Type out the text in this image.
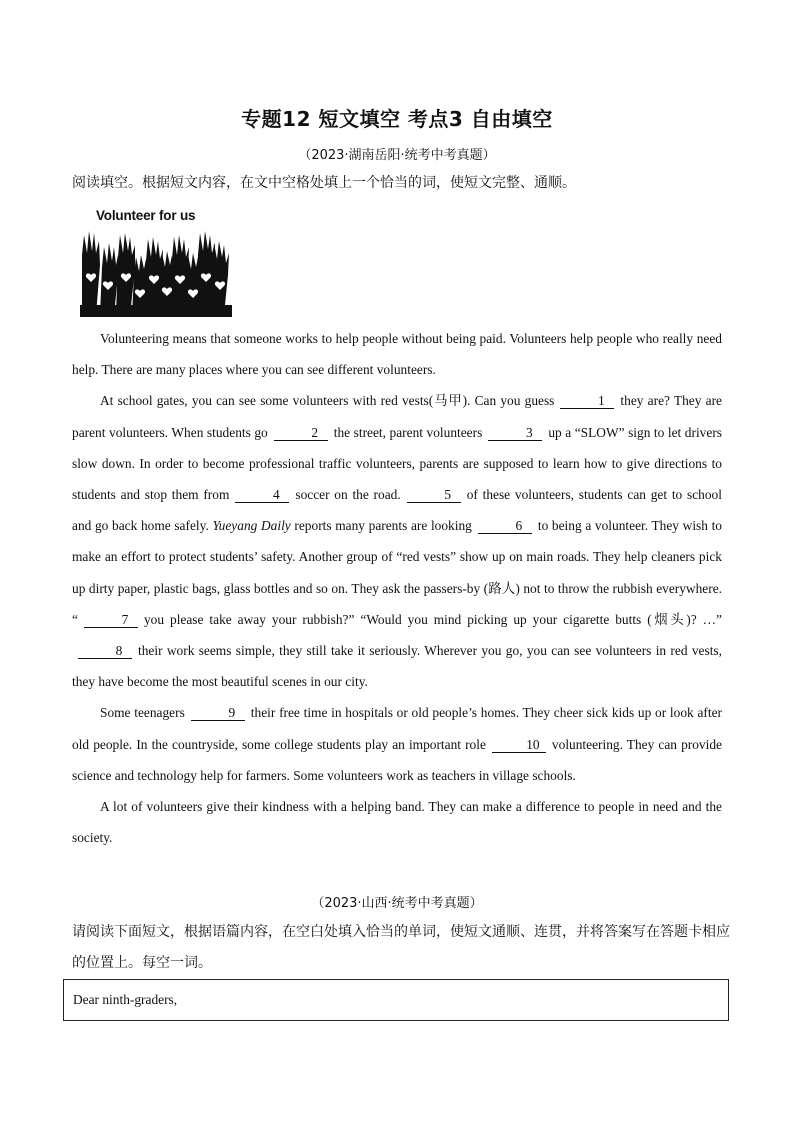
专题12 短文填空 考点3 自由填空
（2023·湖南岳阳·统考中考真题）
阅读填空。根据短文内容，在文中空格处填上一个恰当的词，使短文完整、通顺。
Volunteer for us

Volunteering means that someone works to help people without being paid. Volunteers help people who really need help. There are many places where you can see different volunteers.

At school gates, you can see some volunteers with red vests(马甲). Can you guess	1 they are? They are parent volunteers. When students go	2 the street, parent volunteers	3 up a “SLOW” sign to let drivers slow down. In order to become professional traffic volunteers, parents are supposed to learn how to give directions to students and stop them from	4 soccer on the road.	5 of these volunteers, students can get to school and go back home safely. Yueyang Daily reports many parents are looking	6 to being a volunteer. They wish to make an effort to protect students’ safety. Another group of “red vests” show up on main roads. They help cleaners pick up dirty paper, plastic bags, glass bottles and so on. They ask the passers-by (路人) not to throw the rubbish everywhere. “	7 you please take away your rubbish?” “Would you mind picking up your cigarette butts (烟头)? …”8 their work seems simple, they still take it seriously. Wherever you go, you can see volunteers in red vests, they have become the most beautiful scenes in our city.

Some teenagers	9 their free time in hospitals or old people’s homes. They cheer sick kids up or look after old people. In the countryside, some college students play an important role	10 volunteering. They can provide science and technology help for farmers. Some volunteers work as teachers in village schools.

A lot of volunteers give their kindness with a helping band. They can make a difference to people in need and the society.

（2023·山西·统考中考真题）
请阅读下面短文，根据语篇内容，在空白处填入恰当的单词，使短文通顺、连贯，并将答案写在答题卡相应的位置上。每空一词。
Dear ninth-graders,
